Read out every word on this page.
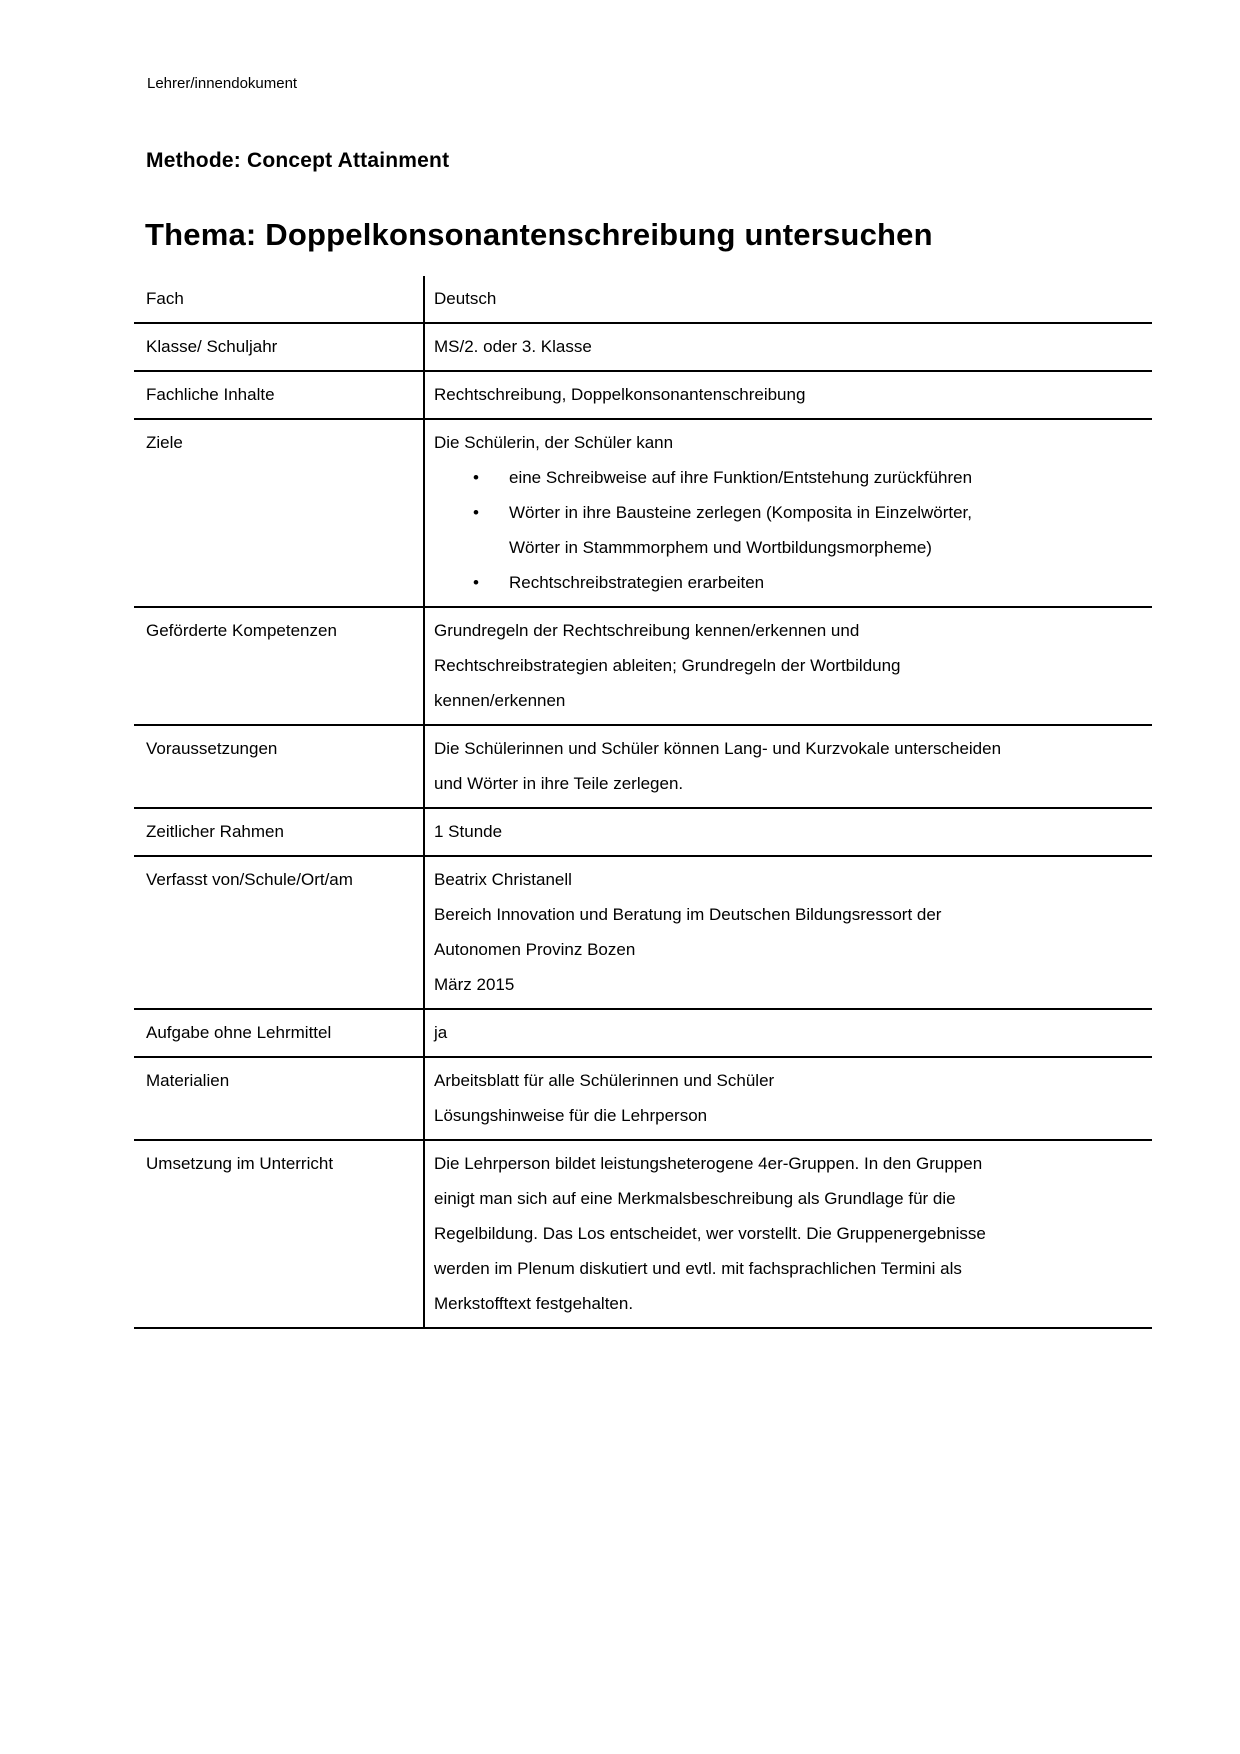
Lehrer/innendokument
Methode: Concept Attainment
Thema: Doppelkonsonantenschreibung untersuchen
Fach	Deutsch
Klasse/ Schuljahr	MS/2. oder 3. Klasse
Fachliche Inhalte	Rechtschreibung, Doppelkonsonantenschreibung
Ziele	Die Schülerin, der Schüler kann
• eine Schreibweise auf ihre Funktion/Entstehung zurückführen
• Wörter in ihre Bausteine zerlegen (Komposita in Einzelwörter,
Wörter in Stammmorphem und Wortbildungsmorpheme)
• Rechtschreibstrategien erarbeiten
Geförderte Kompetenzen	Grundregeln der Rechtschreibung kennen/erkennen und
Rechtschreibstrategien ableiten; Grundregeln der Wortbildung
kennen/erkennen
Voraussetzungen	Die Schülerinnen und Schüler können Lang- und Kurzvokale unterscheiden
und Wörter in ihre Teile zerlegen.
Zeitlicher Rahmen	1 Stunde
Verfasst von/Schule/Ort/am	Beatrix Christanell
Bereich Innovation und Beratung im Deutschen Bildungsressort der
Autonomen Provinz Bozen
März 2015
Aufgabe ohne Lehrmittel	ja
Materialien	Arbeitsblatt für alle Schülerinnen und Schüler
Lösungshinweise für die Lehrperson
Umsetzung im Unterricht	Die Lehrperson bildet leistungsheterogene 4er-Gruppen. In den Gruppen
einigt man sich auf eine Merkmalsbeschreibung als Grundlage für die
Regelbildung. Das Los entscheidet, wer vorstellt. Die Gruppenergebnisse
werden im Plenum diskutiert und evtl. mit fachsprachlichen Termini als
Merkstofftext festgehalten.
